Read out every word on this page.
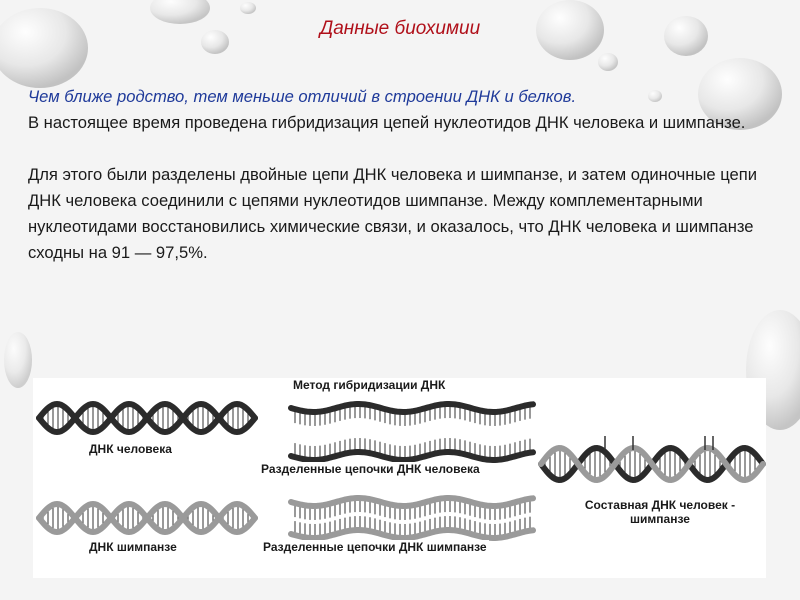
Данные биохимии

Чем ближе родство, тем меньше отличий в строении ДНК и белков.

В настоящее время проведена гибридизация цепей нуклеотидов ДНК человека и шимпанзе.

Для этого были разделены двойные цепи ДНК человека и шимпанзе, и затем одиночные цепи ДНК человека соединили с цепями нуклеотидов шимпанзе. Между комплементарными нуклеотидами восстановились химические связи, и оказалось, что ДНК человека и шимпанзе сходны на 91 — 97,5%.

Метод гибридизации ДНК
ДНК человека
Разделенные цепочки ДНК человека
ДНК шимпанзе	Разделенные цепочки ДНК шимпанзе
Составная ДНК человек -
шимпанзе
